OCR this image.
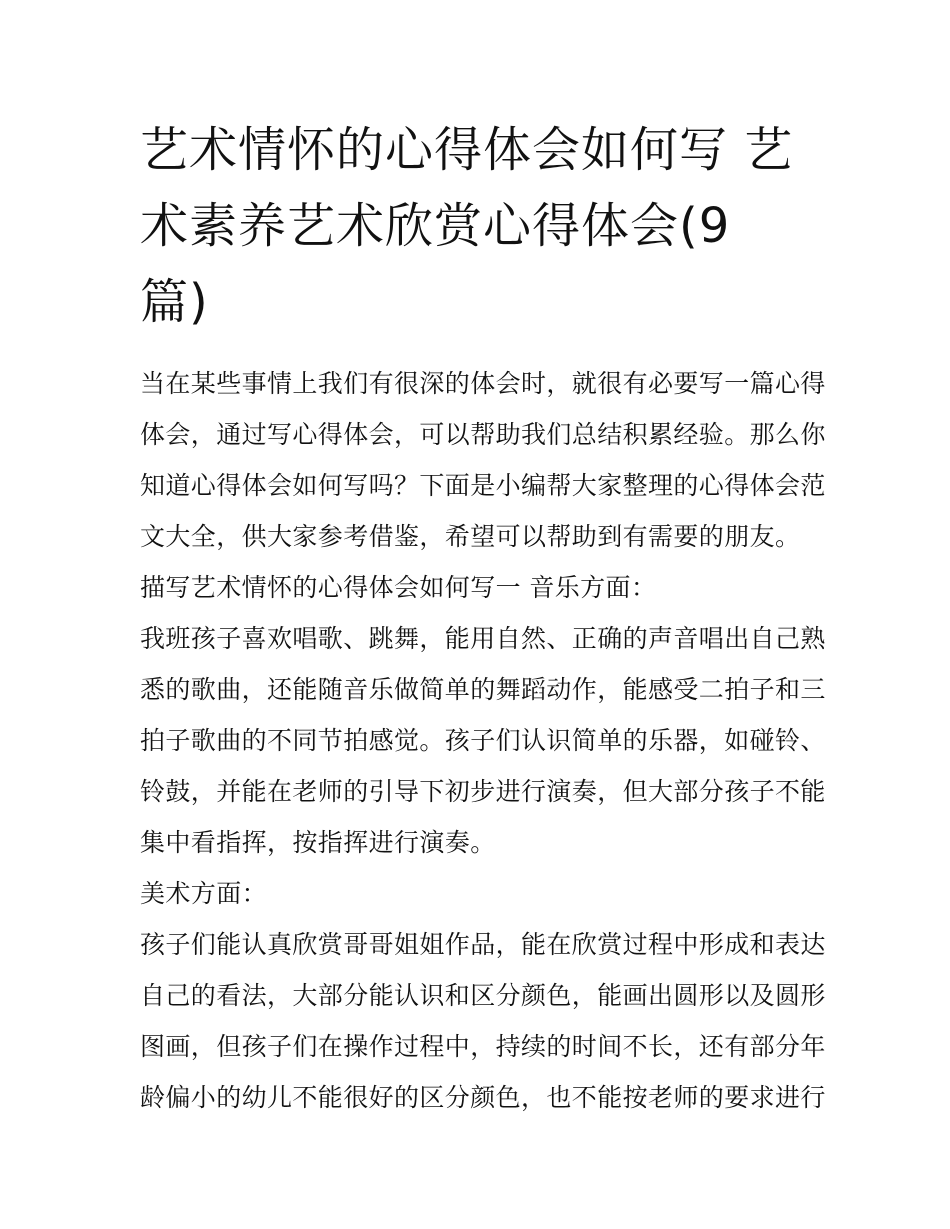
艺术情怀的心得体会如何写 艺
术素养艺术欣赏心得体会(9
篇)

当在某些事情上我们有很深的体会时，就很有必要写一篇心得
体会，通过写心得体会，可以帮助我们总结积累经验。那么你
知道心得体会如何写吗？下面是小编帮大家整理的心得体会范
文大全，供大家参考借鉴，希望可以帮助到有需要的朋友。

描写艺术情怀的心得体会如何写一 音乐方面：

我班孩子喜欢唱歌、跳舞，能用自然、正确的声音唱出自己熟
悉的歌曲，还能随音乐做简单的舞蹈动作，能感受二拍子和三
拍子歌曲的不同节拍感觉。孩子们认识简单的乐器，如碰铃、
铃鼓，并能在老师的引导下初步进行演奏，但大部分孩子不能
集中看指挥，按指挥进行演奏。

美术方面：

孩子们能认真欣赏哥哥姐姐作品，能在欣赏过程中形成和表达
自己的看法，大部分能认识和区分颜色，能画出圆形以及圆形
图画，但孩子们在操作过程中，持续的时间不长，还有部分年
龄偏小的幼儿不能很好的区分颜色，也不能按老师的要求进行
